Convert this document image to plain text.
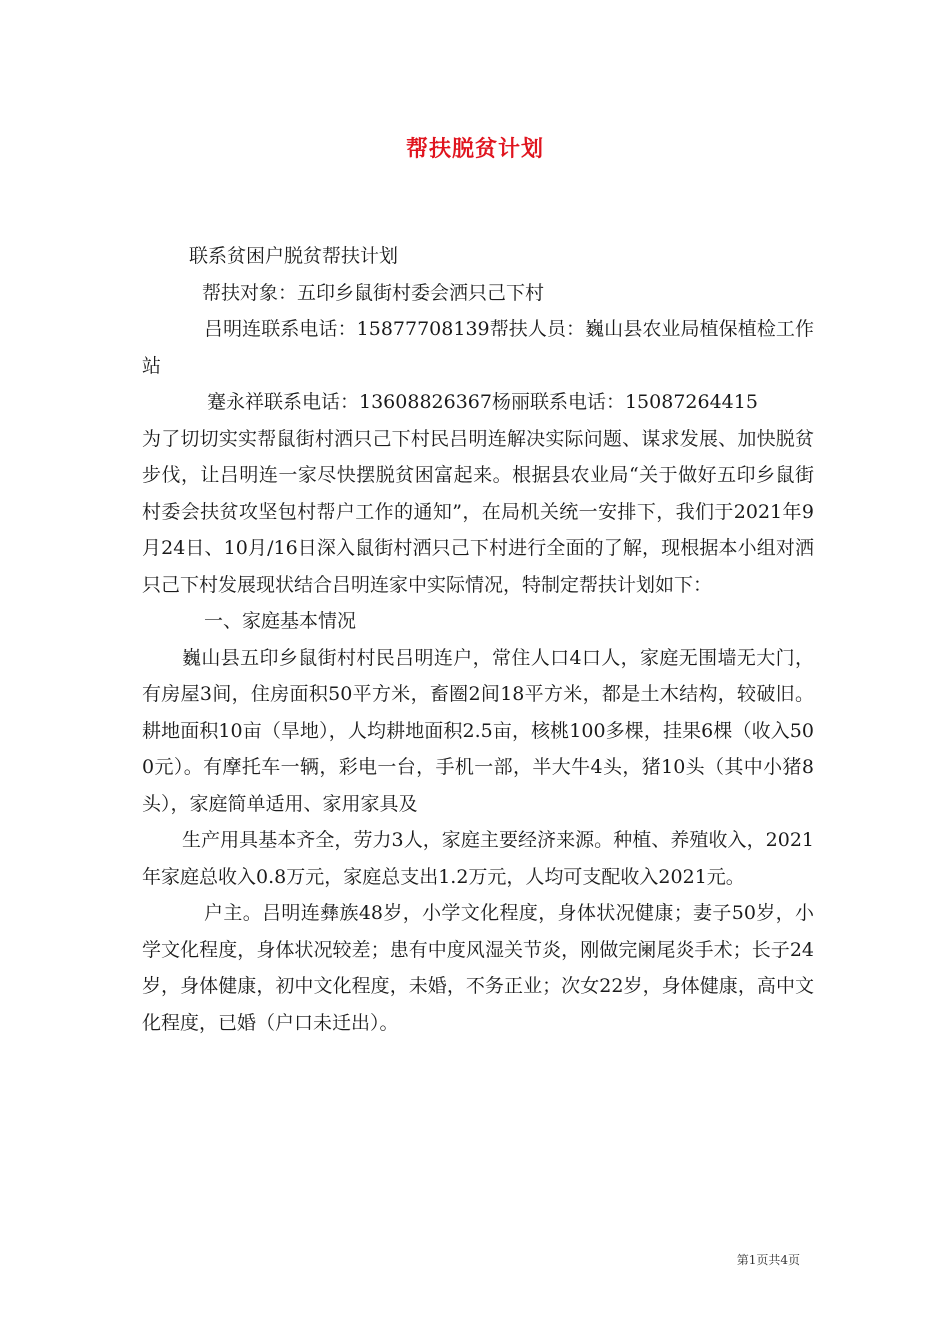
帮扶脱贫计划

联系贫困户脱贫帮扶计划

帮扶对象：五印乡鼠街村委会洒只己下村

吕明连联系电话：15877708139帮扶人员：巍山县农业局植保植检工作站

蹇永祥联系电话：13608826367杨丽联系电话：15087264415

为了切切实实帮鼠街村洒只己下村民吕明连解决实际问题、谋求发展、加快脱贫步伐，让吕明连一家尽快摆脱贫困富起来。根据县农业局“关于做好五印乡鼠街村委会扶贫攻坚包村帮户工作的通知”，在局机关统一安排下，我们于2021年9月24日、10月/16日深入鼠街村洒只己下村进行全面的了解，现根据本小组对洒只己下村发展现状结合吕明连家中实际情况，特制定帮扶计划如下：

一、家庭基本情况

巍山县五印乡鼠街村村民吕明连户，常住人口4口人，家庭无围墙无大门，有房屋3间，住房面积50平方米，畜圈2间18平方米，都是土木结构，较破旧。耕地面积10亩（旱地），人均耕地面积2.5亩，核桃100多棵，挂果6棵（收入500元）。有摩托车一辆，彩电一台，手机一部，半大牛4头，猪10头（其中小猪8头），家庭简单适用、家用家具及

生产用具基本齐全，劳力3人，家庭主要经济来源。种植、养殖收入，2021年家庭总收入0.8万元，家庭总支出1.2万元，人均可支配收入2021元。

户主。吕明连彝族48岁，小学文化程度，身体状况健康；妻子50岁，小学文化程度，身体状况较差；患有中度风湿关节炎，刚做完阑尾炎手术；长子24岁，身体健康，初中文化程度，未婚，不务正业；次女22岁，身体健康，高中文化程度，已婚（户口未迁出）。

第1页共4页
